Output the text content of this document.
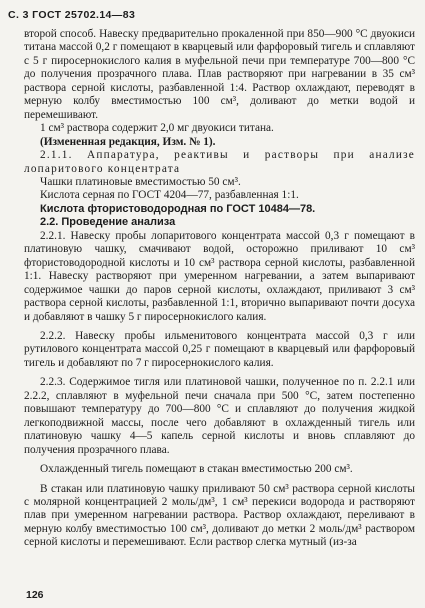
С. 3 ГОСТ 25702.14—83

второй способ. Навеску предварительно прокаленной при 850—900 °С двуокиси титана массой 0,2 г помещают в кварцевый или фарфоровый тигель и сплавляют с 5 г пиросернокислого калия в муфельной печи при температуре 700—800 °С до получения прозрачного плава. Плав растворяют при нагревании в 35 см³ раствора серной кислоты, разбавленной 1:4. Раствор охлаждают, переводят в мерную колбу вместимостью 100 см³, доливают до метки водой и перемешивают.

1 см³ раствора содержит 2,0 мг двуокиси титана.

(Измененная редакция, Изм. № 1).

2.1.1. Аппаратура, реактивы и растворы при анализе лопаритового концентрата

Чашки платиновые вместимостью 50 см³.

Кислота серная по ГОСТ 4204—77, разбавленная 1:1.

Кислота фтористоводородная по ГОСТ 10484—78.

2.2. Проведение анализа

2.2.1. Навеску пробы лопаритового концентрата массой 0,3 г помещают в платиновую чашку, смачивают водой, осторожно приливают 10 см³ фтористоводородной кислоты и 10 см³ раствора серной кислоты, разбавленной 1:1. Навеску растворяют при умеренном нагревании, а затем выпаривают содержимое чашки до паров серной кислоты, охлаждают, приливают 3 см³ раствора серной кислоты, разбавленной 1:1, вторично выпаривают почти досуха и добавляют в чашку 5 г пиросернокислого калия.

2.2.2. Навеску пробы ильменитового концентрата массой 0,3 г или рутилового концентрата массой 0,25 г помещают в кварцевый или фарфоровый тигель и добавляют по 7 г пиросернокислого калия.

2.2.3. Содержимое тигля или платиновой чашки, полученное по п. 2.2.1 или 2.2.2, сплавляют в муфельной печи сначала при 500 °С, затем постепенно повышают температуру до 700—800 °С и сплавляют до получения жидкой легкоподвижной массы, после чего добавляют в охлажденный тигель или платиновую чашку 4—5 капель серной кислоты и вновь сплавляют до получения прозрачного плава.

Охлажденный тигель помещают в стакан вместимостью 200 см³.

В стакан или платиновую чашку приливают 50 см³ раствора серной кислоты с молярной концентрацией 2 моль/дм³, 1 см³ перекиси водорода и растворяют плав при умеренном нагревании раствора. Раствор охлаждают, переливают в мерную колбу вместимостью 100 см³, доливают до метки 2 моль/дм³ раствором серной кислоты и перемешивают. Если раствор слегка мутный (из-за

126
